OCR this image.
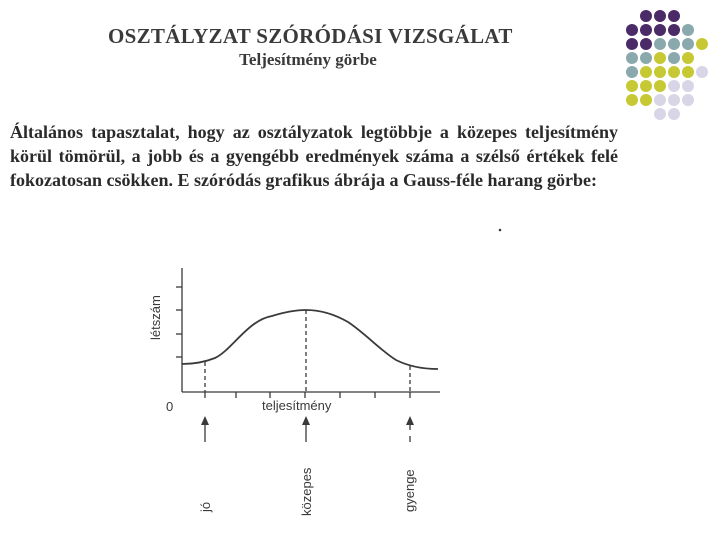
OSZTÁLYZAT SZÓRÓDÁSI VIZSGÁLAT
Teljesítmény görbe
Általános tapasztalat, hogy az osztályzatok legtöbbje a közepes teljesítmény körül tömörül, a jobb és a gyengébb eredmények száma a szélső értékek felé fokozatosan csökken. E szóródás grafikus ábrája a Gauss-féle harang görbe:
létszám
0	teljesítmény
jó	közepes	gyenge
